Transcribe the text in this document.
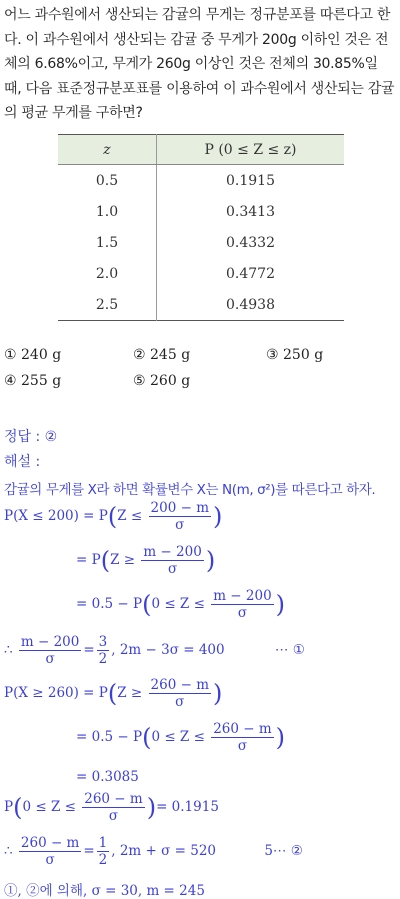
어느 과수원에서 생산되는 감귤의 무게는 정규분포를 따른다고 한
다. 이 과수원에서 생산되는 감귤 중 무게가 200g 이하인 것은 전
체의 6.68%이고, 무게가 260g 이상인 것은 전체의 30.85%일
때, 다음 표준정규분포표를 이용하여 이 과수원에서 생산되는 감귤
의 평균 무게를 구하면?
z	P (0 ≤ Z ≤ z)
0.5	0.1915
1.0	0.3413
1.5	0.4332
2.0	0.4772
2.5	0.4938
① 240 g	② 245 g	③ 250 g
④ 255 g	⑤ 260 g
정답 : ②
해설 :
감귤의 무게를 X라 하면 확률변수 X는 N(m, σ²)를 따른다고 하자.
$P(X \le 200) = P(Z \le \frac{200 - m}{\sigma}$ )
= $P(Z \ge \frac{m - 200}{\sigma}$ )
= $0.5 - P(0 \le Z \le \frac{m - 200}{\sigma}$ )
∴ $\frac{m - 200}{\sigma} = \frac{3}{2}$ , 2m − 3σ = 400	⋯ ①
$P(X \ge 260) = P(Z \ge \frac{260 - m}{\sigma}$ )
= $0.5 - P(0 \le Z \le \frac{260 - m}{\sigma}$ )
= 0.3085
$P(0 \le Z \le \frac{260 - m}{\sigma}$ )= 0.1915
∴ $\frac{260 - m}{\sigma} = \frac{1}{2}$ , 2m + σ = 520	5⋯ ②
①, ②에 의해, σ = 30, m = 245
